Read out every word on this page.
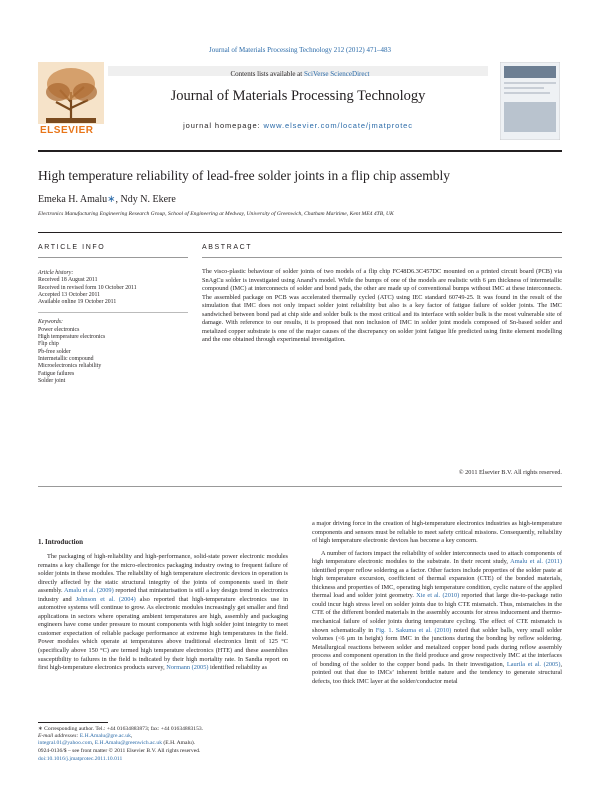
Journal of Materials Processing Technology 212 (2012) 471–483
ELSEVIER
Contents lists available at SciVerse ScienceDirect
Journal of Materials Processing Technology
journal homepage: www.elsevier.com/locate/jmatprotec
High temperature reliability of lead-free solder joints in a flip chip assembly
Emeka H. Amalu∗, Ndy N. Ekere
Electronics Manufacturing Engineering Research Group, School of Engineering at Medway, University of Greenwich, Chatham Maritime, Kent ME4 4TB, UK
ARTICLE INFO
Article history:
Received 18 August 2011
Received in revised form 10 October 2011
Accepted 13 October 2011
Available online 19 October 2011
Keywords:
Power electronics
High temperature electronics
Flip chip
Pb-free solder
Intermetallic compound
Microelectronics reliability
Fatigue failures
Solder joint
ABSTRACT
The visco-plastic behaviour of solder joints of two models of a flip chip FC48D6.3C457DC mounted on a printed circuit board (PCB) via SnAgCu solder is investigated using Anand’s model. While the bumps of one of the models are realistic with 6 μm thickness of intermetallic compound (IMC) at interconnects of solder and bond pads, the other are made up of conventional bumps without IMC at these interconnects. The assembled package on PCB was accelerated thermally cycled (ATC) using IEC standard 60749-25. It was found in the result of the simulation that IMC does not only impact solder joint reliability but also is a key factor of fatigue failure of solder joints. The IMC sandwiched between bond pad at chip side and solder bulk is the most critical and its interface with solder bulk is the most vulnerable site of damage. With reference to our results, it is proposed that non inclusion of IMC in solder joint models composed of Sn-based solder and metalized copper substrate is one of the major causes of the discrepancy on solder joint fatigue life predicted using finite element modelling and the one obtained through experimental investigation.
© 2011 Elsevier B.V. All rights reserved.
1. Introduction

The packaging of high-reliability and high-performance, solid-state power electronic modules remains a key challenge for the micro-electronics packaging industry owing to frequent failure of solder joints in these modules. The reliability of high temperature electronic devices in operation is directly affected by the static structural integrity of the joints of components used in their assembly. Amalu et al. (2009) reported that miniaturisation is still a key design trend in electronics industry and Johnson et al. (2004) also reported that high-temperature electronics use in automotive systems will continue to grow. As electronic modules increasingly get smaller and find applications in sectors where operating ambient temperatures are high, assembly and packaging engineers have come under pressure to mount components with high solder joint integrity to meet customer expectation of reliable package performance at extreme high temperatures in the field. Power modules which operate at temperatures above traditional electronics limit of 125 °C (specifically above 150 °C) are termed high temperature electronics (HTE) and these assemblies susceptibility to failures in the field is indicated by their high mortality rate. In Sandia report on first high-temperature electronics products survey, Normann (2005) identified reliability as

a major driving force in the creation of high-temperature electronics industries as high-temperature components and sensors must be reliable to meet safety critical missions. Consequently, reliability of high temperature electronic devices has become a key concern.

A number of factors impact the reliability of solder interconnects used to attach components of high temperature electronic modules to the substrate. In their recent study, Amalu et al. (2011) identified proper reflow soldering as a factor. Other factors include properties of the solder paste at high temperature excursion, coefficient of thermal expansion (CTE) of the bonded materials, thickness and properties of IMC, operating high temperature condition, cyclic nature of the applied thermal load and solder joint geometry. Xie et al. (2010) reported that large die-to-package ratio could incur high stress level on solder joints due to high CTE mismatch. Thus, mismatches in the CTE of the different bonded materials in the assembly accounts for stress inducement and thermo-mechanical failure of solder joints during temperature cycling. The effect of CTE mismatch is shown schematically in Fig. 1. Sakuma et al. (2010) noted that solder balls, very small solder volumes (<6 μm in height) form IMC in the junctions during the bonding by reflow soldering. Metallurgical reactions between solder and metalized copper bond pads during reflow assembly process and component operation in the field produce and grow respectively IMC at the interfaces of bonding of the solder to the copper bond pads. In their investigation, Laurila et al. (2005), pointed out that due to IMCs’ inherent brittle nature and the tendency to generate structural defects, too thick IMC layer at the solder/conductor metal

∗ Corresponding author. Tel.: +44 01634883873; fax: +44 01634883153.
E-mail addresses: E.H.Amalu@gre.ac.uk,
integral.01@yahoo.com, E.H.Amalu@greenwich.ac.uk (E.H. Amalu).
0924-0136/$ – see front matter © 2011 Elsevier B.V. All rights reserved.
doi:10.1016/j.jmatprotec.2011.10.011
